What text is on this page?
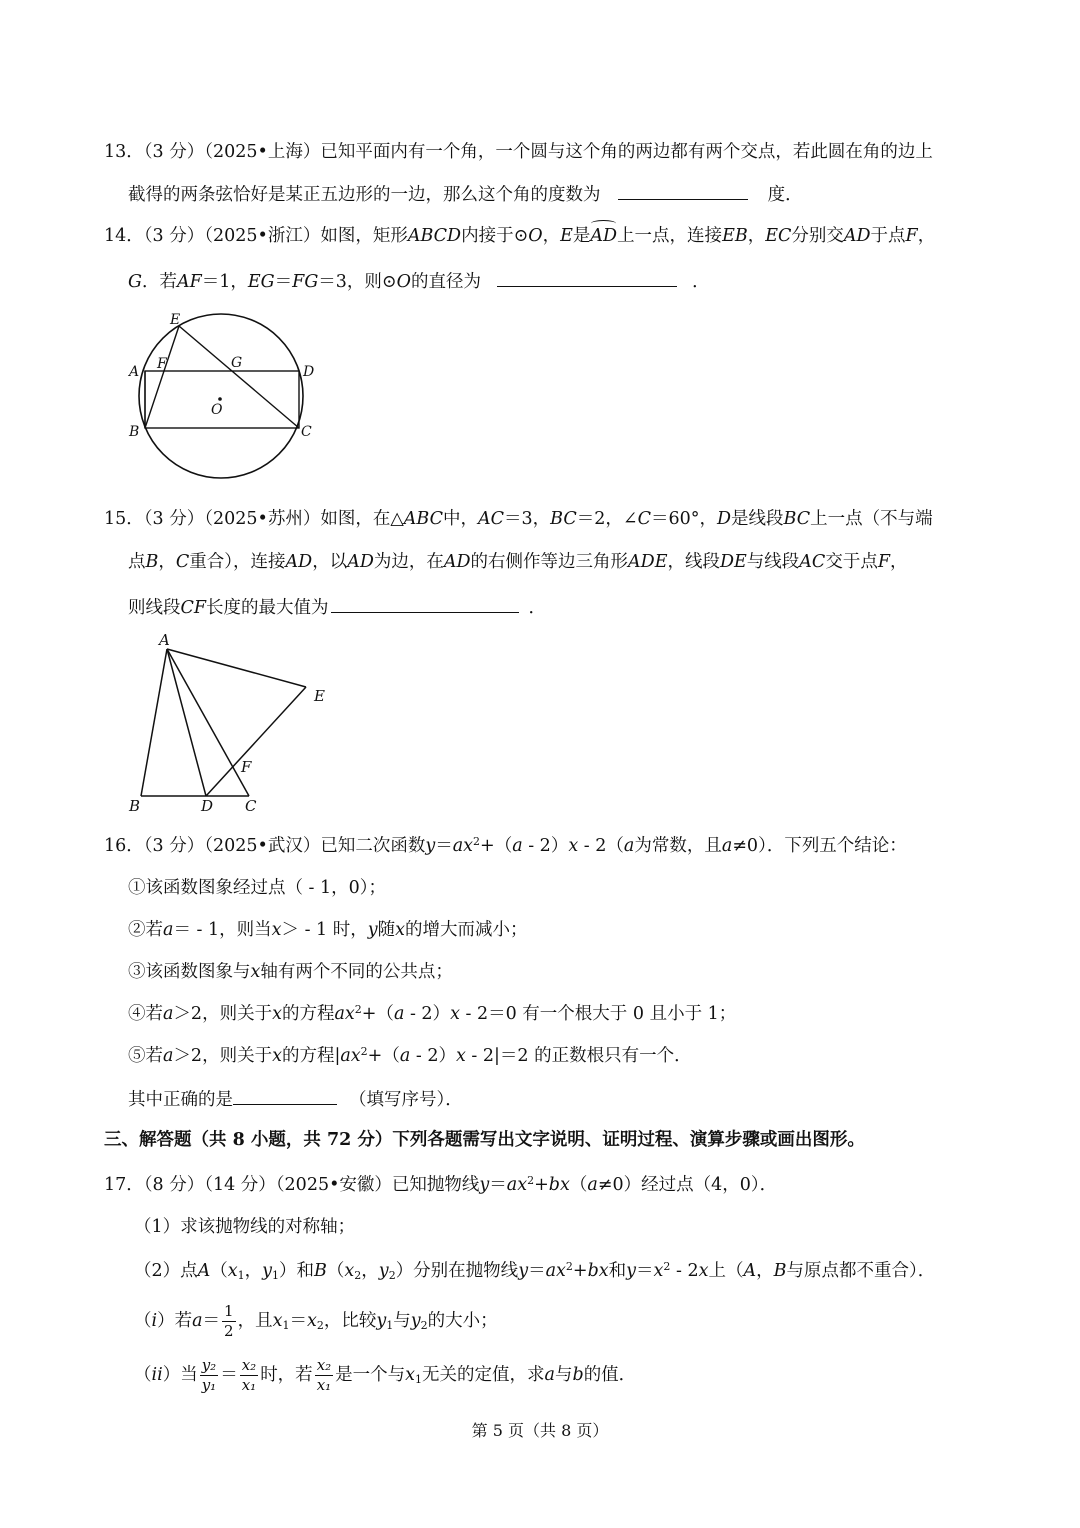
13．（3 分）（2025•上海）已知平面内有一个角，一个圆与这个角的两边都有两个交点，若此圆在角的边上
截得的两条弦恰好是某正五边形的一边，那么这个角的度数为	度．
14．（3 分）（2025•浙江）如图，矩形ABCD内接于⊙O，E是AD上一点，连接EB，EC分别交AD于点F，
G．若AF＝1，EG＝FG＝3，则⊙O的直径为	．
E
F
A
G
D
O
B	C
15．（3 分）（2025•苏州）如图，在△ABC中，AC＝3，BC＝2，∠C＝60°，D是线段BC上一点（不与端
点B，C重合），连接AD，以AD为边，在AD的右侧作等边三角形ADE，线段DE与线段AC交于点F，
则线段CF长度的最大值为	．
A
E
F
B	D C
16．（3 分）（2025•武汉）已知二次函数$y=ax^2+(a - 2)x - 2(a$为常数，且a≠0）．下列五个结论：
①该函数图象经过点（ - 1，0）；
②若a＝ - 1，则当x＞ - 1 时，y随x的增大而减小；
③该函数图象与x轴有两个不同的公共点；
④若a＞2，则关于x的方程$ax^2+(a - 2)x - 2=0$ 有一个根大于 0 且小于 1；
⑤若a＞2，则关于x的方程$|ax^2+(a - 2)x - 2|=2$ 的正数根只有一个．
其中正确的是	（填写序号）．
三、解答题（共 8 小题，共 72 分）下列各题需写出文字说明、证明过程、演算步骤或画出图形。
17．（8 分）（14 分）（2025•安徽）已知抛物线$y=ax^2+bx(a\ne 0)$经过点（4，0）．
（1）求该抛物线的对称轴；
（2）点$A(x_1$，$y_1$）和$B(x_2$，$y_2$）分别在抛物线$y=ax^2+bx$和$y=x^2 - 2x$上（A，B与原点都不重合）．
（i）若$a= \frac{1}{2}$ ，且$x_1=x_2$，比较$y_1$与$y_2$的大小；
（ii）当 $\frac{\text{y₂}}{\text{y₁}} = \frac{\text{x₂}}{\text{x₁}}$ 时，若 $\frac{\text{x₂}}{\text{x₁}}$ 是一个与$x_1$无关的定值，求a与b的值．
第 5 页（共 8 页）
